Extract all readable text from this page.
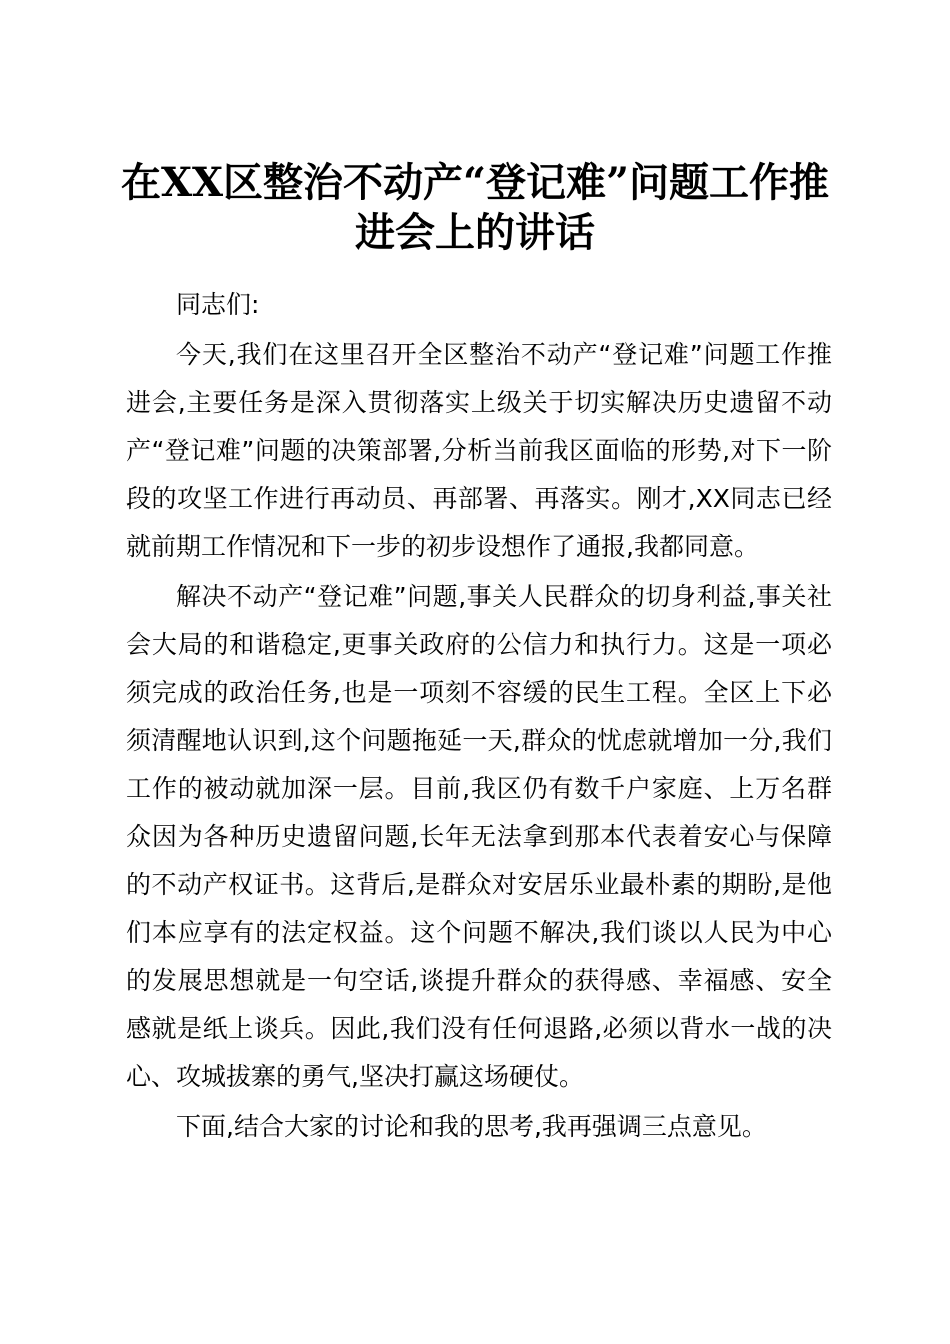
在XX区整治不动产“登记难”问题工作推进会上的讲话

同志们:

今天,我们在这里召开全区整治不动产“登记难”问题工作推进会,主要任务是深入贯彻落实上级关于切实解决历史遗留不动产“登记难”问题的决策部署,分析当前我区面临的形势,对下一阶段的攻坚工作进行再动员、再部署、再落实。刚才,XX同志已经就前期工作情况和下一步的初步设想作了通报,我都同意。

解决不动产“登记难”问题,事关人民群众的切身利益,事关社会大局的和谐稳定,更事关政府的公信力和执行力。这是一项必须完成的政治任务,也是一项刻不容缓的民生工程。全区上下必须清醒地认识到,这个问题拖延一天,群众的忧虑就增加一分,我们工作的被动就加深一层。目前,我区仍有数千户家庭、上万名群众因为各种历史遗留问题,长年无法拿到那本代表着安心与保障的不动产权证书。这背后,是群众对安居乐业最朴素的期盼,是他们本应享有的法定权益。这个问题不解决,我们谈以人民为中心的发展思想就是一句空话,谈提升群众的获得感、幸福感、安全感就是纸上谈兵。因此,我们没有任何退路,必须以背水一战的决心、攻城拔寨的勇气,坚决打赢这场硬仗。

下面,结合大家的讨论和我的思考,我再强调三点意见。
